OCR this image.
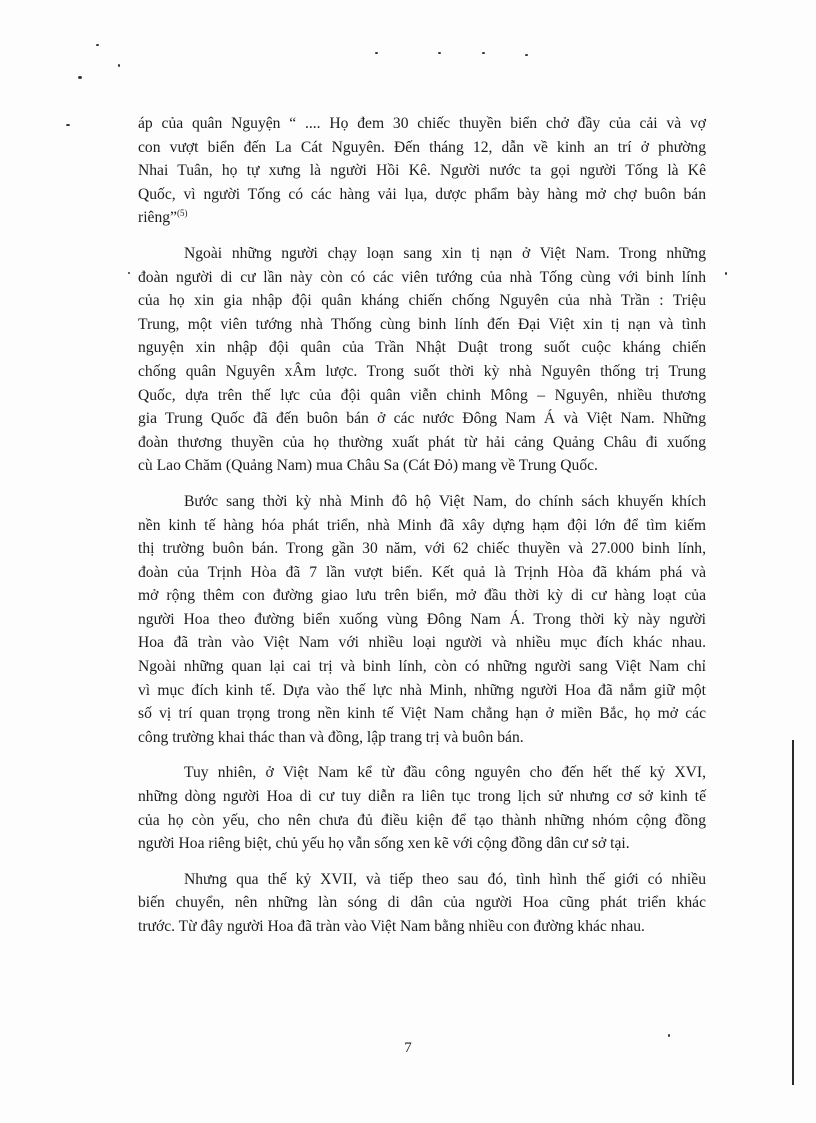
áp của quân Nguyện “ .... Họ đem 30 chiếc thuyền biển chở đầy của cải và vợ
con vượt biển đến La Cát Nguyên. Đến tháng 12, dẫn về kinh an trí ở phường
Nhai Tuân, họ tự xưng là người Hồi Kê. Người nước ta gọi người Tống là Kê
Quốc, vì người Tống có các hàng vải lụa, dược phẩm bày hàng mở chợ buôn bán
riêng”$^{(5)}$
Ngoài những người chạy loạn sang xin tị nạn ở Việt Nam. Trong những
đoàn người di cư lần này còn có các viên tướng của nhà Tống cùng với binh lính
của họ xin gia nhập đội quân kháng chiến chống Nguyên của nhà Trần : Triệu
Trung, một viên tướng nhà Thống cùng binh lính đến Đại Việt xin tị nạn và tình
nguyện xin nhập đội quân của Trần Nhật Duật trong suốt cuộc kháng chiến
chống quân Nguyên xÂm lược. Trong suốt thời kỳ nhà Nguyên thống trị Trung
Quốc, dựa trên thế lực của đội quân viễn chinh Mông – Nguyên, nhiều thương
gia Trung Quốc đã đến buôn bán ở các nước Đông Nam Á và Việt Nam. Những
đoàn thương thuyền của họ thường xuất phát từ hải cảng Quảng Châu đi xuống
cù Lao Chăm (Quảng Nam) mua Châu Sa (Cát Đỏ) mang về Trung Quốc.
Bước sang thời kỳ nhà Minh đô hộ Việt Nam, do chính sách khuyến khích
nền kinh tế hàng hóa phát triển, nhà Minh đã xây dựng hạm đội lớn để tìm kiếm
thị trường buôn bán. Trong gần 30 năm, với 62 chiếc thuyền và 27.000 binh lính,
đoàn của Trịnh Hòa đã 7 lần vượt biển. Kết quả là Trịnh Hòa đã khám phá và
mở rộng thêm con đường giao lưu trên biển, mở đầu thời kỳ di cư hàng loạt của
người Hoa theo đường biển xuống vùng Đông Nam Á. Trong thời kỳ này người
Hoa đã tràn vào Việt Nam với nhiều loại người và nhiều mục đích khác nhau.
Ngoài những quan lại cai trị và binh lính, còn có những người sang Việt Nam chỉ
vì mục đích kinh tế. Dựa vào thế lực nhà Minh, những người Hoa đã nắm giữ một
số vị trí quan trọng trong nền kinh tế Việt Nam chẳng hạn ở miền Bắc, họ mở các
công trường khai thác than và đồng, lập trang trị và buôn bán.
Tuy nhiên, ở Việt Nam kể từ đầu công nguyên cho đến hết thế kỷ XVI,
những dòng người Hoa di cư tuy diễn ra liên tục trong lịch sử nhưng cơ sở kinh tế
của họ còn yếu, cho nên chưa đủ điều kiện để tạo thành những nhóm cộng đồng
người Hoa riêng biệt, chủ yếu họ vẫn sống xen kẽ với cộng đồng dân cư sở tại.
Nhưng qua thế kỷ XVII, và tiếp theo sau đó, tình hình thế giới có nhiều
biến chuyển, nên những làn sóng di dân của người Hoa cũng phát triển khác
trước. Từ đây người Hoa đã tràn vào Việt Nam bằng nhiều con đường khác nhau.
7
